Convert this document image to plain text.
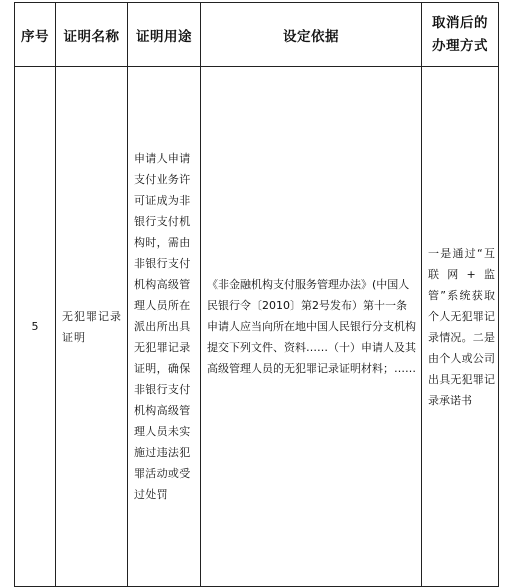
序号	证明名称	证明用途	设定依据	取消后的
办理方式

5	无犯罪记录证明	申请人申请支付业务许可证成为非银行支付机构时，需由非银行支付机构高级管理人员所在派出所出具无犯罪记录证明，确保非银行支付机构高级管理人员未实施过违法犯罪活动或受过处罚	《非金融机构支付服务管理办法》(中国人民银行令〔2010〕第2号发布）第十一条 申请人应当向所在地中国人民银行分支机构提交下列文件、资料……（十）申请人及其高级管理人员的无犯罪记录证明材料；……	一是通过“互联网+监管”系统获取个人无犯罪记录情况。二是由个人或公司出具无犯罪记录承诺书
